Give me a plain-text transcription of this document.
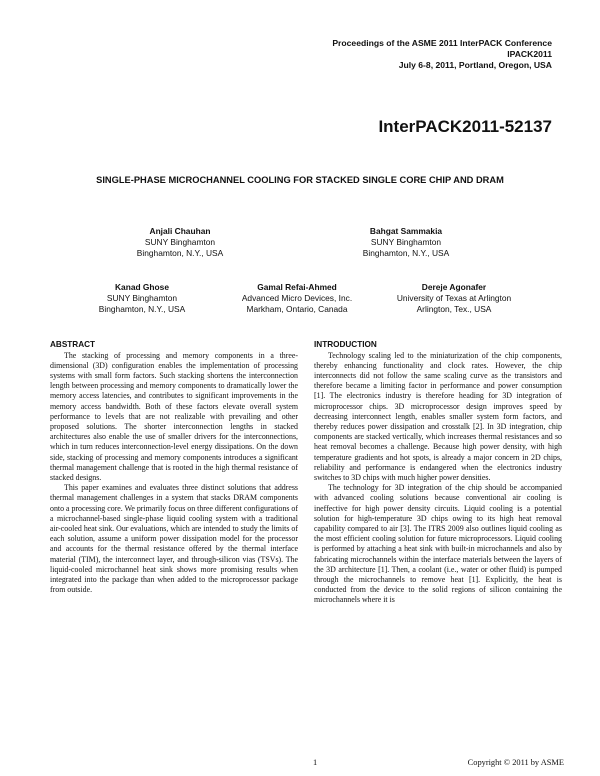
Proceedings of the ASME 2011 InterPACK Conference
IPACK2011
July 6-8, 2011, Portland, Oregon, USA
InterPACK2011-52137
SINGLE-PHASE MICROCHANNEL COOLING FOR STACKED SINGLE CORE CHIP AND DRAM
Anjali Chauhan
SUNY Binghamton
Binghamton, N.Y., USA
Bahgat Sammakia
SUNY Binghamton
Binghamton, N.Y., USA
Kanad Ghose
SUNY Binghamton
Binghamton, N.Y., USA
Gamal Refai-Ahmed
Advanced Micro Devices, Inc.
Markham, Ontario, Canada
Dereje Agonafer
University of Texas at Arlington
Arlington, Tex., USA
ABSTRACT

The stacking of processing and memory components in a three-dimensional (3D) configuration enables the implementation of processing systems with small form factors. Such stacking shortens the interconnection length between processing and memory components to dramatically lower the memory access latencies, and contributes to significant improvements in the memory access bandwidth. Both of these factors elevate overall system performance to levels that are not realizable with prevailing and other proposed solutions. The shorter interconnection lengths in stacked architectures also enable the use of smaller drivers for the interconnections, which in turn reduces interconnection-level energy dissipations. On the down side, stacking of processing and memory components introduces a significant thermal management challenge that is rooted in the high thermal resistance of stacked designs.

This paper examines and evaluates three distinct solutions that address thermal management challenges in a system that stacks DRAM components onto a processing core. We primarily focus on three different configurations of a microchannel-based single-phase liquid cooling system with a traditional air-cooled heat sink. Our evaluations, which are intended to study the limits of each solution, assume a uniform power dissipation model for the processor and accounts for the thermal resistance offered by the thermal interface material (TIM), the interconnect layer, and through-silicon vias (TSVs). The liquid-cooled microchannel heat sink shows more promising results when integrated into the package than when added to the microprocessor package from outside.

INTRODUCTION

Technology scaling led to the miniaturization of the chip components, thereby enhancing functionality and clock rates. However, the chip interconnects did not follow the same scaling curve as the transistors and therefore became a limiting factor in performance and power consumption [1]. The electronics industry is therefore heading for 3D integration of microprocessor chips. 3D microprocessor design improves speed by decreasing interconnect length, enables smaller system form factors, and thereby reduces power dissipation and crosstalk [2]. In 3D integration, chip components are stacked vertically, which increases thermal resistances and so heat removal becomes a challenge. Because high power density, with high temperature gradients and hot spots, is already a major concern in 2D chips, reliability and performance is endangered when the electronics industry switches to 3D chips with much higher power densities.

The technology for 3D integration of the chip should be accompanied with advanced cooling solutions because conventional air cooling is ineffective for high power density circuits. Liquid cooling is a potential solution for high-temperature 3D chips owing to its high heat removal capability compared to air [3]. The ITRS 2009 also outlines liquid cooling as the most efficient cooling solution for future microprocessors. Liquid cooling is performed by attaching a heat sink with built-in microchannels and also by fabricating microchannels within the interface materials between the layers of the 3D architecture [1]. Then, a coolant (i.e., water or other fluid) is pumped through the microchannels to remove heat [1]. Explicitly, the heat is conducted from the device to the solid regions of silicon containing the microchannels where it is

1	Copyright © 2011 by ASME
